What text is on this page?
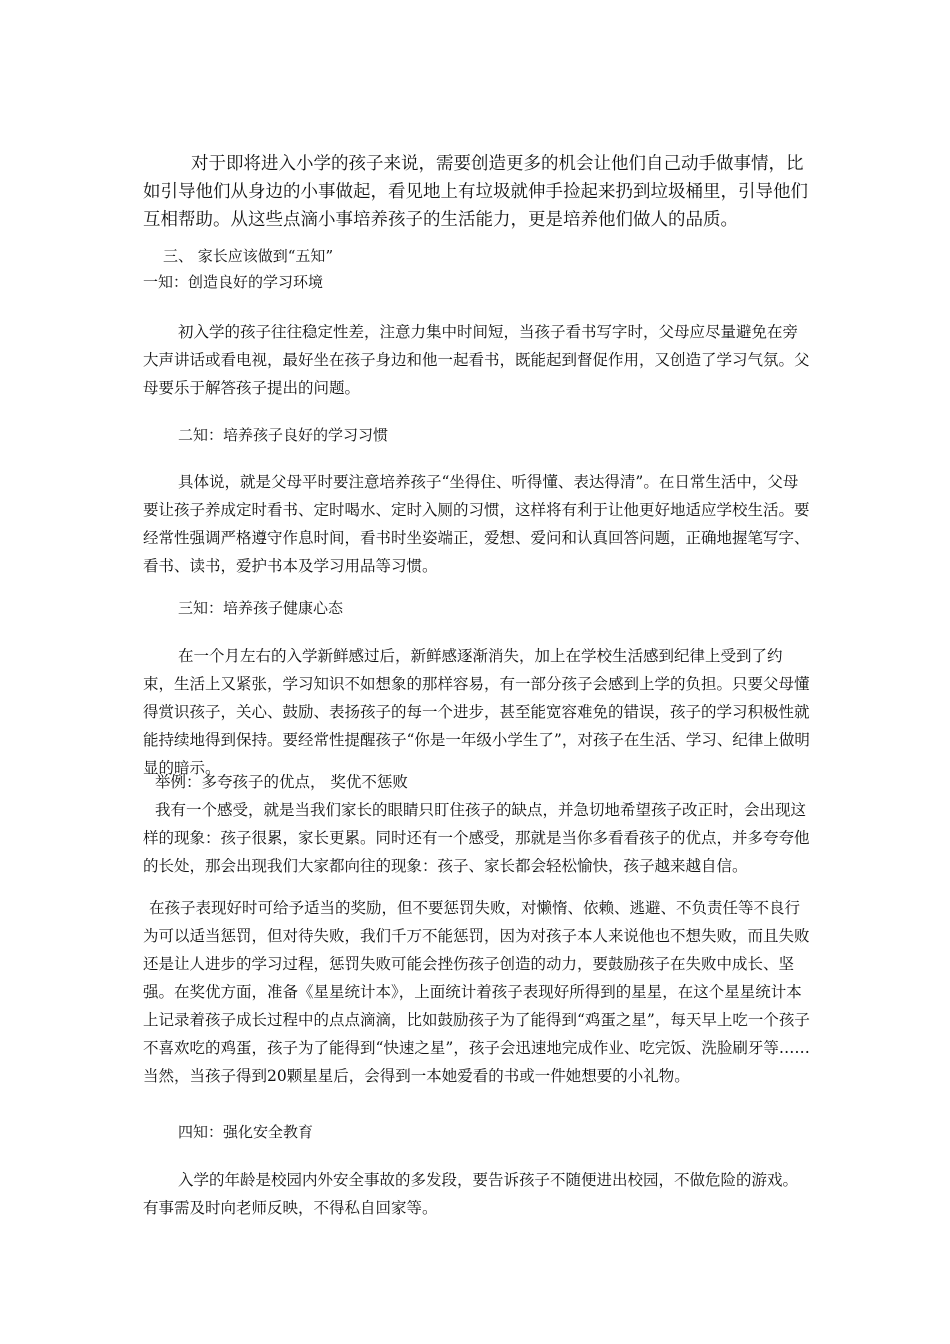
对于即将进入小学的孩子来说，需要创造更多的机会让他们自己动手做事情，比如引导他们从身边的小事做起，看见地上有垃圾就伸手捡起来扔到垃圾桶里，引导他们互相帮助。从这些点滴小事培养孩子的生活能力，更是培养他们做人的品质。

三、 家长应该做到“五知”

一知：创造良好的学习环境

初入学的孩子往往稳定性差，注意力集中时间短，当孩子看书写字时，父母应尽量避免在旁大声讲话或看电视，最好坐在孩子身边和他一起看书，既能起到督促作用，又创造了学习气氛。父母要乐于解答孩子提出的问题。

二知：培养孩子良好的学习习惯

具体说，就是父母平时要注意培养孩子“坐得住、听得懂、表达得清”。在日常生活中，父母要让孩子养成定时看书、定时喝水、定时入厕的习惯，这样将有利于让他更好地适应学校生活。要经常性强调严格遵守作息时间，看书时坐姿端正，爱想、爱问和认真回答问题，正确地握笔写字、看书、读书，爱护书本及学习用品等习惯。

三知：培养孩子健康心态

在一个月左右的入学新鲜感过后，新鲜感逐渐消失，加上在学校生活感到纪律上受到了约束，生活上又紧张，学习知识不如想象的那样容易，有一部分孩子会感到上学的负担。只要父母懂得赏识孩子，关心、鼓励、表扬孩子的每一个进步，甚至能宽容难免的错误，孩子的学习积极性就能持续地得到保持。要经常性提醒孩子“你是一年级小学生了”，对孩子在生活、学习、纪律上做明显的暗示。

举例：多夸孩子的优点， 奖优不惩败

我有一个感受，就是当我们家长的眼睛只盯住孩子的缺点，并急切地希望孩子改正时，会出现这样的现象：孩子很累，家长更累。同时还有一个感受，那就是当你多看看孩子的优点，并多夸夸他的长处，那会出现我们大家都向往的现象：孩子、家长都会轻松愉快，孩子越来越自信。

在孩子表现好时可给予适当的奖励，但不要惩罚失败，对懒惰、依赖、逃避、不负责任等不良行为可以适当惩罚，但对待失败，我们千万不能惩罚，因为对孩子本人来说他也不想失败，而且失败还是让人进步的学习过程，惩罚失败可能会挫伤孩子创造的动力，要鼓励孩子在失败中成长、坚强。在奖优方面，准备《星星统计本》，上面统计着孩子表现好所得到的星星，在这个星星统计本上记录着孩子成长过程中的点点滴滴，比如鼓励孩子为了能得到“鸡蛋之星”，每天早上吃一个孩子不喜欢吃的鸡蛋，孩子为了能得到“快速之星”，孩子会迅速地完成作业、吃完饭、洗脸刷牙等……当然，当孩子得到20颗星星后，会得到一本她爱看的书或一件她想要的小礼物。

四知：强化安全教育

入学的年龄是校园内外安全事故的多发段，要告诉孩子不随便进出校园，不做危险的游戏。有事需及时向老师反映，不得私自回家等。
